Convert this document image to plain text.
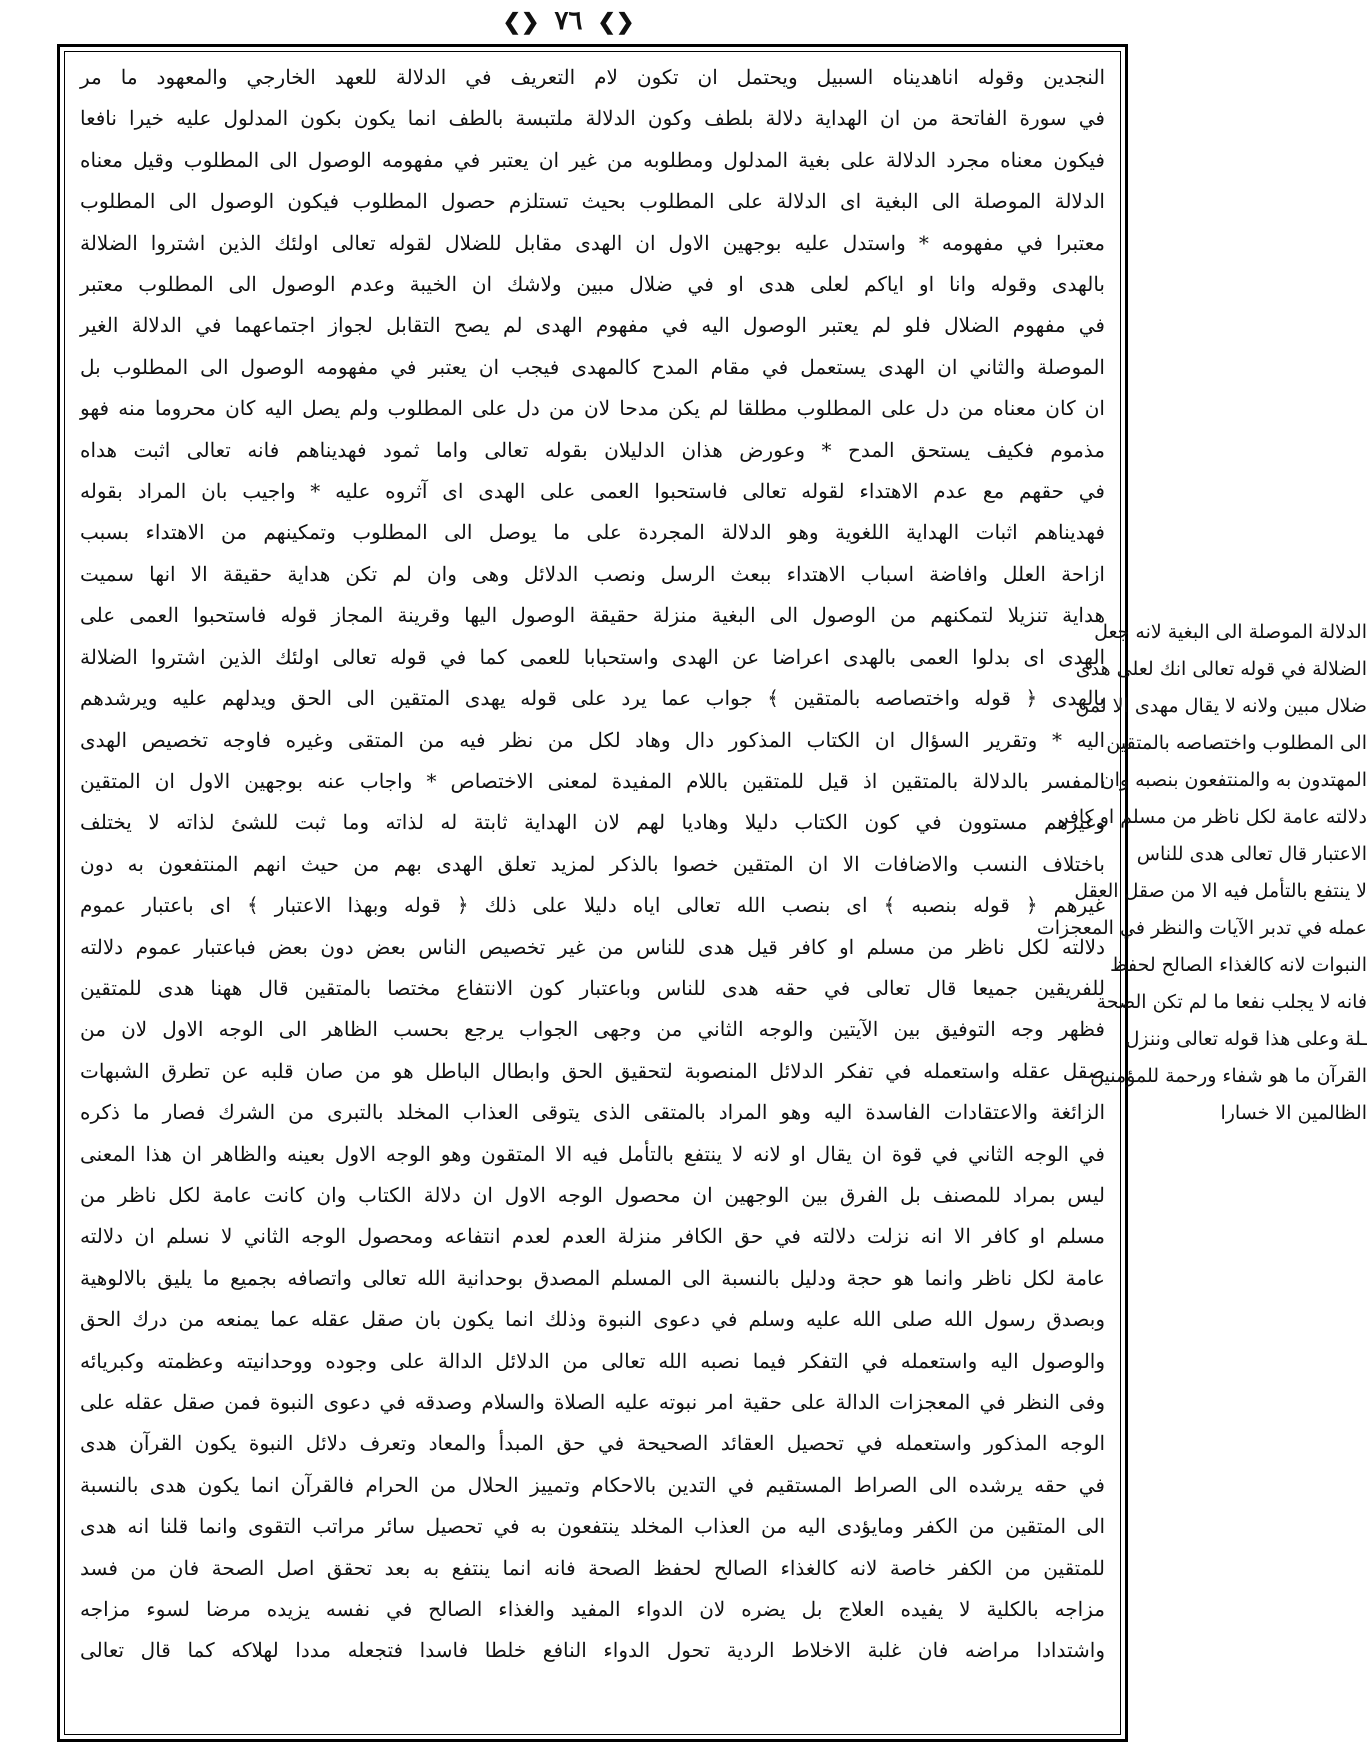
❮❯ ٧٦ ❮❯
النجدين وقوله اناهديناه السبيل ويحتمل ان تكون لام التعريف في الدلالة للعهد الخارجي والمعهود ما مر
في سورة الفاتحة من ان الهداية دلالة بلطف وكون الدلالة ملتبسة بالطف انما يكون بكون المدلول عليه خيرا نافعا
فيكون معناه مجرد الدلالة على بغية المدلول ومطلوبه من غير ان يعتبر في مفهومه الوصول الى المطلوب وقيل معناه
الدلالة الموصلة الى البغية اى الدلالة على المطلوب بحيث تستلزم حصول المطلوب فيكون الوصول الى المطلوب
معتبرا في مفهومه * واستدل عليه بوجهين الاول ان الهدى مقابل للضلال لقوله تعالى اولئك الذين اشتروا الضلالة
بالهدى وقوله وانا او اياكم لعلى هدى او في ضلال مبين ولاشك ان الخيبة وعدم الوصول الى المطلوب معتبر
في مفهوم الضلال فلو لم يعتبر الوصول اليه في مفهوم الهدى لم يصح التقابل لجواز اجتماعهما في الدلالة الغير
الموصلة والثاني ان الهدى يستعمل في مقام المدح كالمهدى فيجب ان يعتبر في مفهومه الوصول الى المطلوب بل
ان كان معناه من دل على المطلوب مطلقا لم يكن مدحا لان من دل على المطلوب ولم يصل اليه كان محروما منه فهو
مذموم فكيف يستحق المدح * وعورض هذان الدليلان بقوله تعالى واما ثمود فهديناهم فانه تعالى اثبت هداه
في حقهم مع عدم الاهتداء لقوله تعالى فاستحبوا العمى على الهدى اى آثروه عليه * واجيب بان المراد بقوله
فهديناهم اثبات الهداية اللغوية وهو الدلالة المجردة على ما يوصل الى المطلوب وتمكينهم من الاهتداء بسبب
ازاحة العلل وافاضة اسباب الاهتداء ببعث الرسل ونصب الدلائل وهى وان لم تكن هداية حقيقة الا انها سميت
هداية تنزيلا لتمكنهم من الوصول الى البغية منزلة حقيقة الوصول اليها وقرينة المجاز قوله فاستحبوا العمى على
الهدى اى بدلوا العمى بالهدى اعراضا عن الهدى واستحبابا للعمى كما في قوله تعالى اولئك الذين اشتروا الضلالة
بالهدى ﴿ قوله واختصاصه بالمتقين ﴾ جواب عما يرد على قوله يهدى المتقين الى الحق ويدلهم عليه ويرشدهم
اليه * وتقرير السؤال ان الكتاب المذكور دال وهاد لكل من نظر فيه من المتقى وغيره فاوجه تخصيص الهدى
المفسر بالدلالة بالمتقين اذ قيل للمتقين باللام المفيدة لمعنى الاختصاص * واجاب عنه بوجهين الاول ان المتقين
وغيرهم مستوون في كون الكتاب دليلا وهاديا لهم لان الهداية ثابتة له لذاته وما ثبت للشئ لذاته لا يختلف
باختلاف النسب والاضافات الا ان المتقين خصوا بالذكر لمزيد تعلق الهدى بهم من حيث انهم المنتفعون به دون
غيرهم ﴿ قوله بنصبه ﴾ اى بنصب الله تعالى اياه دليلا على ذلك ﴿ قوله وبهذا الاعتبار ﴾ اى باعتبار عموم
دلالته لكل ناظر من مسلم او كافر قيل هدى للناس من غير تخصيص الناس بعض دون بعض فباعتبار عموم دلالته
للفريقين جميعا قال تعالى في حقه هدى للناس وباعتبار كون الانتفاع مختصا بالمتقين قال ههنا هدى للمتقين
فظهر وجه التوفيق بين الآيتين والوجه الثاني من وجهى الجواب يرجع بحسب الظاهر الى الوجه الاول لان من
صقل عقله واستعمله في تفكر الدلائل المنصوبة لتحقيق الحق وابطال الباطل هو من صان قلبه عن تطرق الشبهات
الزائغة والاعتقادات الفاسدة اليه وهو المراد بالمتقى الذى يتوقى العذاب المخلد بالتبرى من الشرك فصار ما ذكره
في الوجه الثاني في قوة ان يقال او لانه لا ينتفع بالتأمل فيه الا المتقون وهو الوجه الاول بعينه والظاهر ان هذا المعنى
ليس بمراد للمصنف بل الفرق بين الوجهين ان محصول الوجه الاول ان دلالة الكتاب وان كانت عامة لكل ناظر من
مسلم او كافر الا انه نزلت دلالته في حق الكافر منزلة العدم لعدم انتفاعه ومحصول الوجه الثاني لا نسلم ان دلالته
عامة لكل ناظر وانما هو حجة ودليل بالنسبة الى المسلم المصدق بوحدانية الله تعالى واتصافه بجميع ما يليق بالالوهية
وبصدق رسول الله صلى الله عليه وسلم في دعوى النبوة وذلك انما يكون بان صقل عقله عما يمنعه من درك الحق
والوصول اليه واستعمله في التفكر فيما نصبه الله تعالى من الدلائل الدالة على وجوده ووحدانيته وعظمته وكبريائه
وفى النظر في المعجزات الدالة على حقية امر نبوته عليه الصلاة والسلام وصدقه في دعوى النبوة فمن صقل عقله على
الوجه المذكور واستعمله في تحصيل العقائد الصحيحة في حق المبدأ والمعاد وتعرف دلائل النبوة يكون القرآن هدى
في حقه يرشده الى الصراط المستقيم في التدين بالاحكام وتمييز الحلال من الحرام فالقرآن انما يكون هدى بالنسبة
الى المتقين من الكفر ومايؤدى اليه من العذاب المخلد ينتفعون به في تحصيل سائر مراتب التقوى وانما قلنا انه هدى
للمتقين من الكفر خاصة لانه كالغذاء الصالح لحفظ الصحة فانه انما ينتفع به بعد تحقق اصل الصحة فان من فسد
مزاجه بالكلية لا يفيده العلاج بل يضره لان الدواء المفيد والغذاء الصالح في نفسه يزيده مرضا لسوء مزاجه
واشتدادا مراضه فان غلبة الاخلاط الردية تحول الدواء النافع خلطا فاسدا فتجعله مددا لهلاكه كما قال تعالى
الدلالة الموصلة الى البغية لانه جعل
الضلالة في قوله تعالى انك لعلى هدى
ضلال مبين ولانه لا يقال مهدى الا لمن
الى المطلوب واختصاصه بالمتقين
المهتدون به والمنتفعون بنصبه وان
دلالته عامة لكل ناظر من مسلم او كافر
الاعتبار قال تعالى هدى للناس
لا ينتفع بالتأمل فيه الا من صقل العقل
عمله في تدبر الآيات والنظر في المعجزات
النبوات لانه كالغذاء الصالح لحفظ
فانه لا يجلب نفعا ما لم تكن الصحة
ـلة وعلى هذا قوله تعالى وننزل
القرآن ما هو شفاء ورحمة للمؤمنين
الظالمين الا خسارا
